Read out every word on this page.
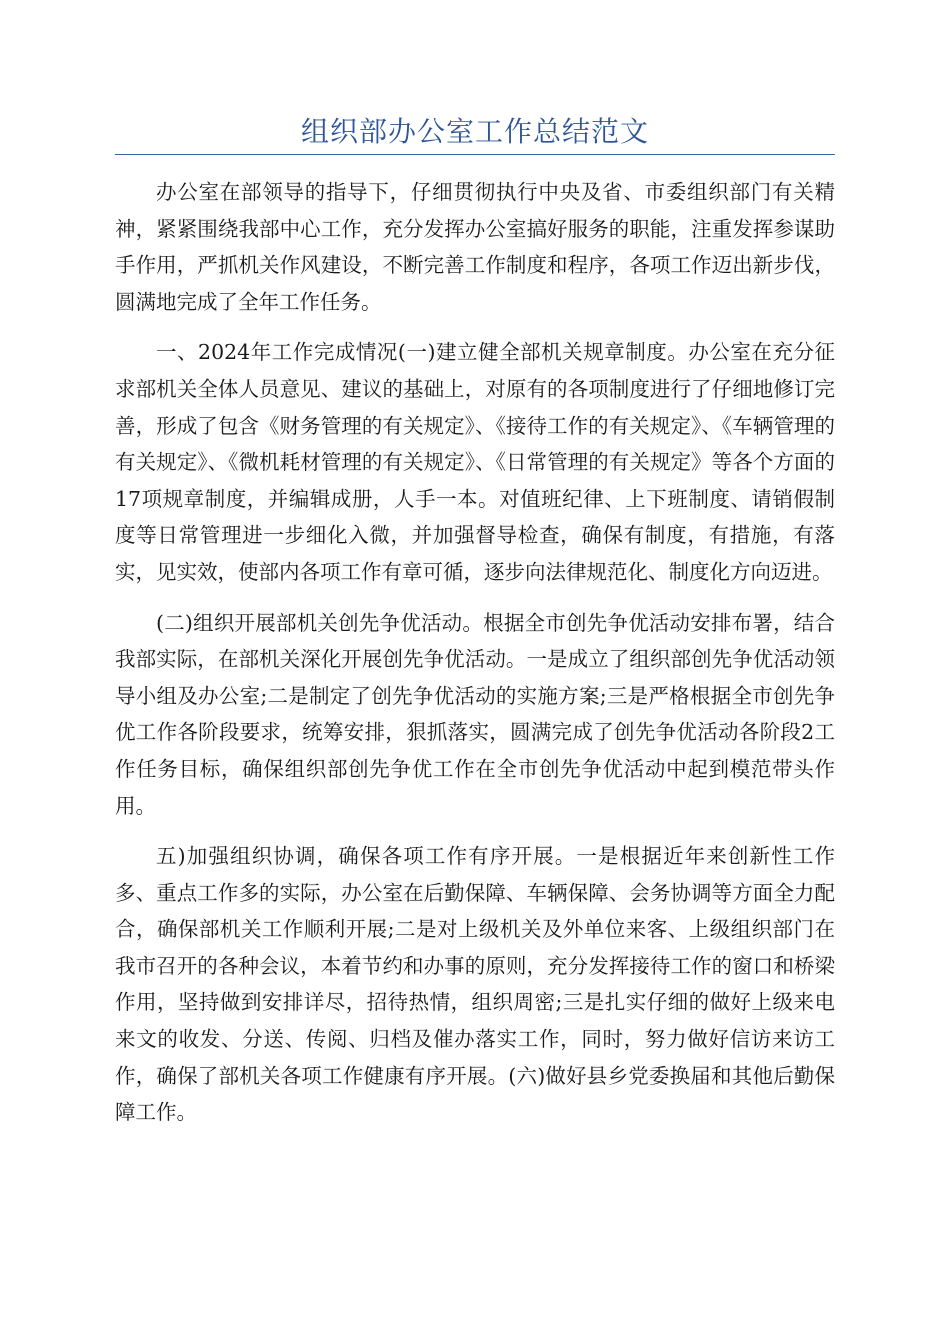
组织部办公室工作总结范文

办公室在部领导的指导下，仔细贯彻执行中央及省、市委组织部门有关精神，紧紧围绕我部中心工作，充分发挥办公室搞好服务的职能，注重发挥参谋助手作用，严抓机关作风建设，不断完善工作制度和程序，各项工作迈出新步伐，圆满地完成了全年工作任务。

一、2024年工作完成情况(一)建立健全部机关规章制度。办公室在充分征求部机关全体人员意见、建议的基础上，对原有的各项制度进行了仔细地修订完善，形成了包含《财务管理的有关规定》、《接待工作的有关规定》、《车辆管理的有关规定》、《微机耗材管理的有关规定》、《日常管理的有关规定》等各个方面的17项规章制度，并编辑成册，人手一本。对值班纪律、上下班制度、请销假制度等日常管理进一步细化入微，并加强督导检查，确保有制度，有措施，有落实，见实效，使部内各项工作有章可循，逐步向法律规范化、制度化方向迈进。

(二)组织开展部机关创先争优活动。根据全市创先争优活动安排布署，结合我部实际，在部机关深化开展创先争优活动。一是成立了组织部创先争优活动领导小组及办公室;二是制定了创先争优活动的实施方案;三是严格根据全市创先争优工作各阶段要求，统筹安排，狠抓落实，圆满完成了创先争优活动各阶段2工作任务目标，确保组织部创先争优工作在全市创先争优活动中起到模范带头作用。

五)加强组织协调，确保各项工作有序开展。一是根据近年来创新性工作多、重点工作多的实际，办公室在后勤保障、车辆保障、会务协调等方面全力配合，确保部机关工作顺利开展;二是对上级机关及外单位来客、上级组织部门在我市召开的各种会议，本着节约和办事的原则，充分发挥接待工作的窗口和桥梁作用，坚持做到安排详尽，招待热情，组织周密;三是扎实仔细的做好上级来电来文的收发、分送、传阅、归档及催办落实工作，同时，努力做好信访来访工作，确保了部机关各项工作健康有序开展。(六)做好县乡党委换届和其他后勤保障工作。
